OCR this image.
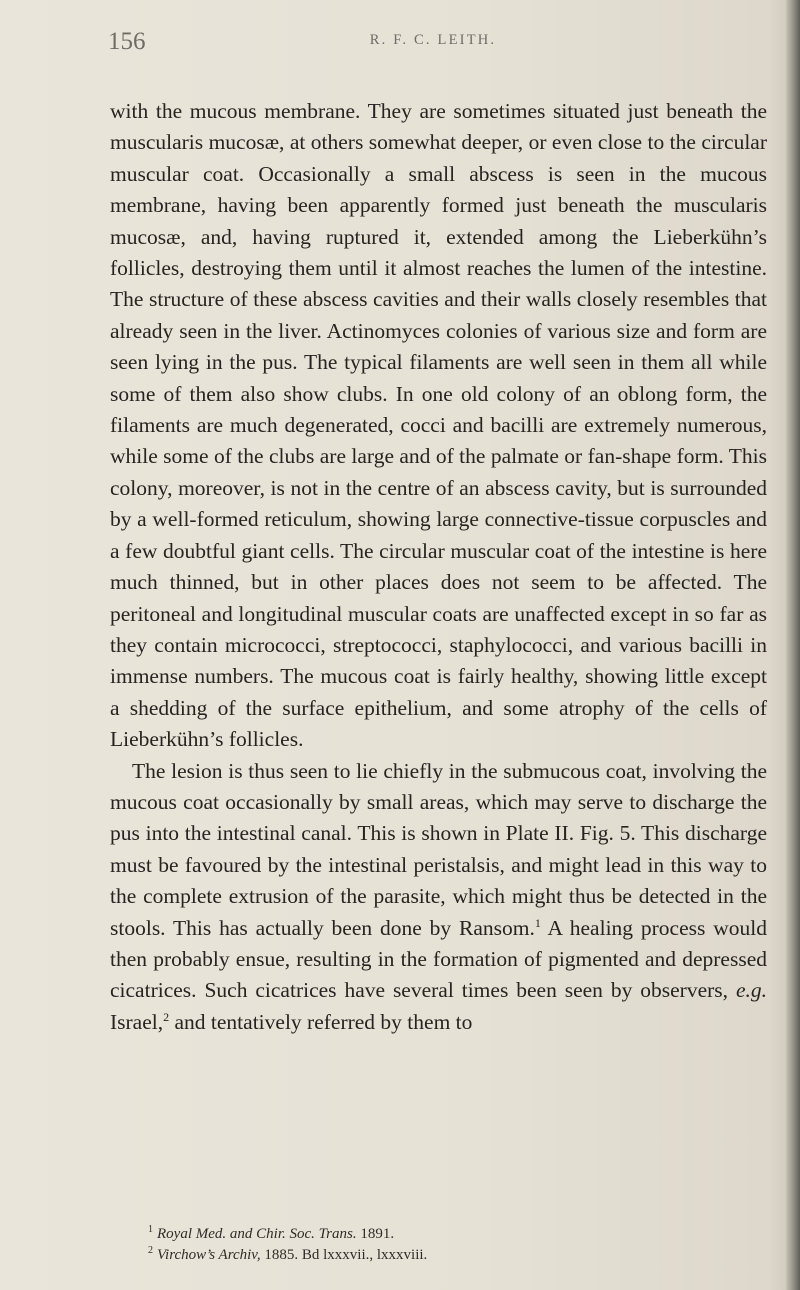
156	R. F. C. LEITH.

with the mucous membrane. They are sometimes situated just beneath the muscularis mucosæ, at others somewhat deeper, or even close to the circular muscular coat. Occasionally a small abscess is seen in the mucous membrane, having been apparently formed just beneath the muscularis mucosæ, and, having ruptured it, extended among the Lieberkühn’s follicles, destroying them until it almost reaches the lumen of the intestine. The structure of these abscess cavities and their walls closely resembles that already seen in the liver. Actinomyces colonies of various size and form are seen lying in the pus. The typical filaments are well seen in them all while some of them also show clubs. In one old colony of an oblong form, the filaments are much degenerated, cocci and bacilli are extremely numerous, while some of the clubs are large and of the palmate or fan-shape form. This colony, moreover, is not in the centre of an abscess cavity, but is surrounded by a well-formed reticulum, showing large connective-tissue corpuscles and a few doubtful giant cells. The circular muscular coat of the intestine is here much thinned, but in other places does not seem to be affected. The peritoneal and longitudinal muscular coats are unaffected except in so far as they contain micrococci, streptococci, staphylococci, and various bacilli in immense numbers. The mucous coat is fairly healthy, showing little except a shedding of the surface epithelium, and some atrophy of the cells of Lieberkühn’s follicles.

The lesion is thus seen to lie chiefly in the submucous coat, involving the mucous coat occasionally by small areas, which may serve to discharge the pus into the intestinal canal. This is shown in Plate II. Fig. 5. This discharge must be favoured by the intestinal peristalsis, and might lead in this way to the complete extrusion of the parasite, which might thus be detected in the stools. This has actually been done by Ransom.$^1$ A healing process would then probably ensue, resulting in the formation of pigmented and depressed cicatrices. Such cicatrices have several times been seen by observers, e.g. Israel,$^2$ and tentatively referred by them to

$^1$ Royal Med. and Chir. Soc. Trans. 1891.
$^2$ Virchow’s Archiv, 1885. Bd lxxxvii., lxxxviii.
